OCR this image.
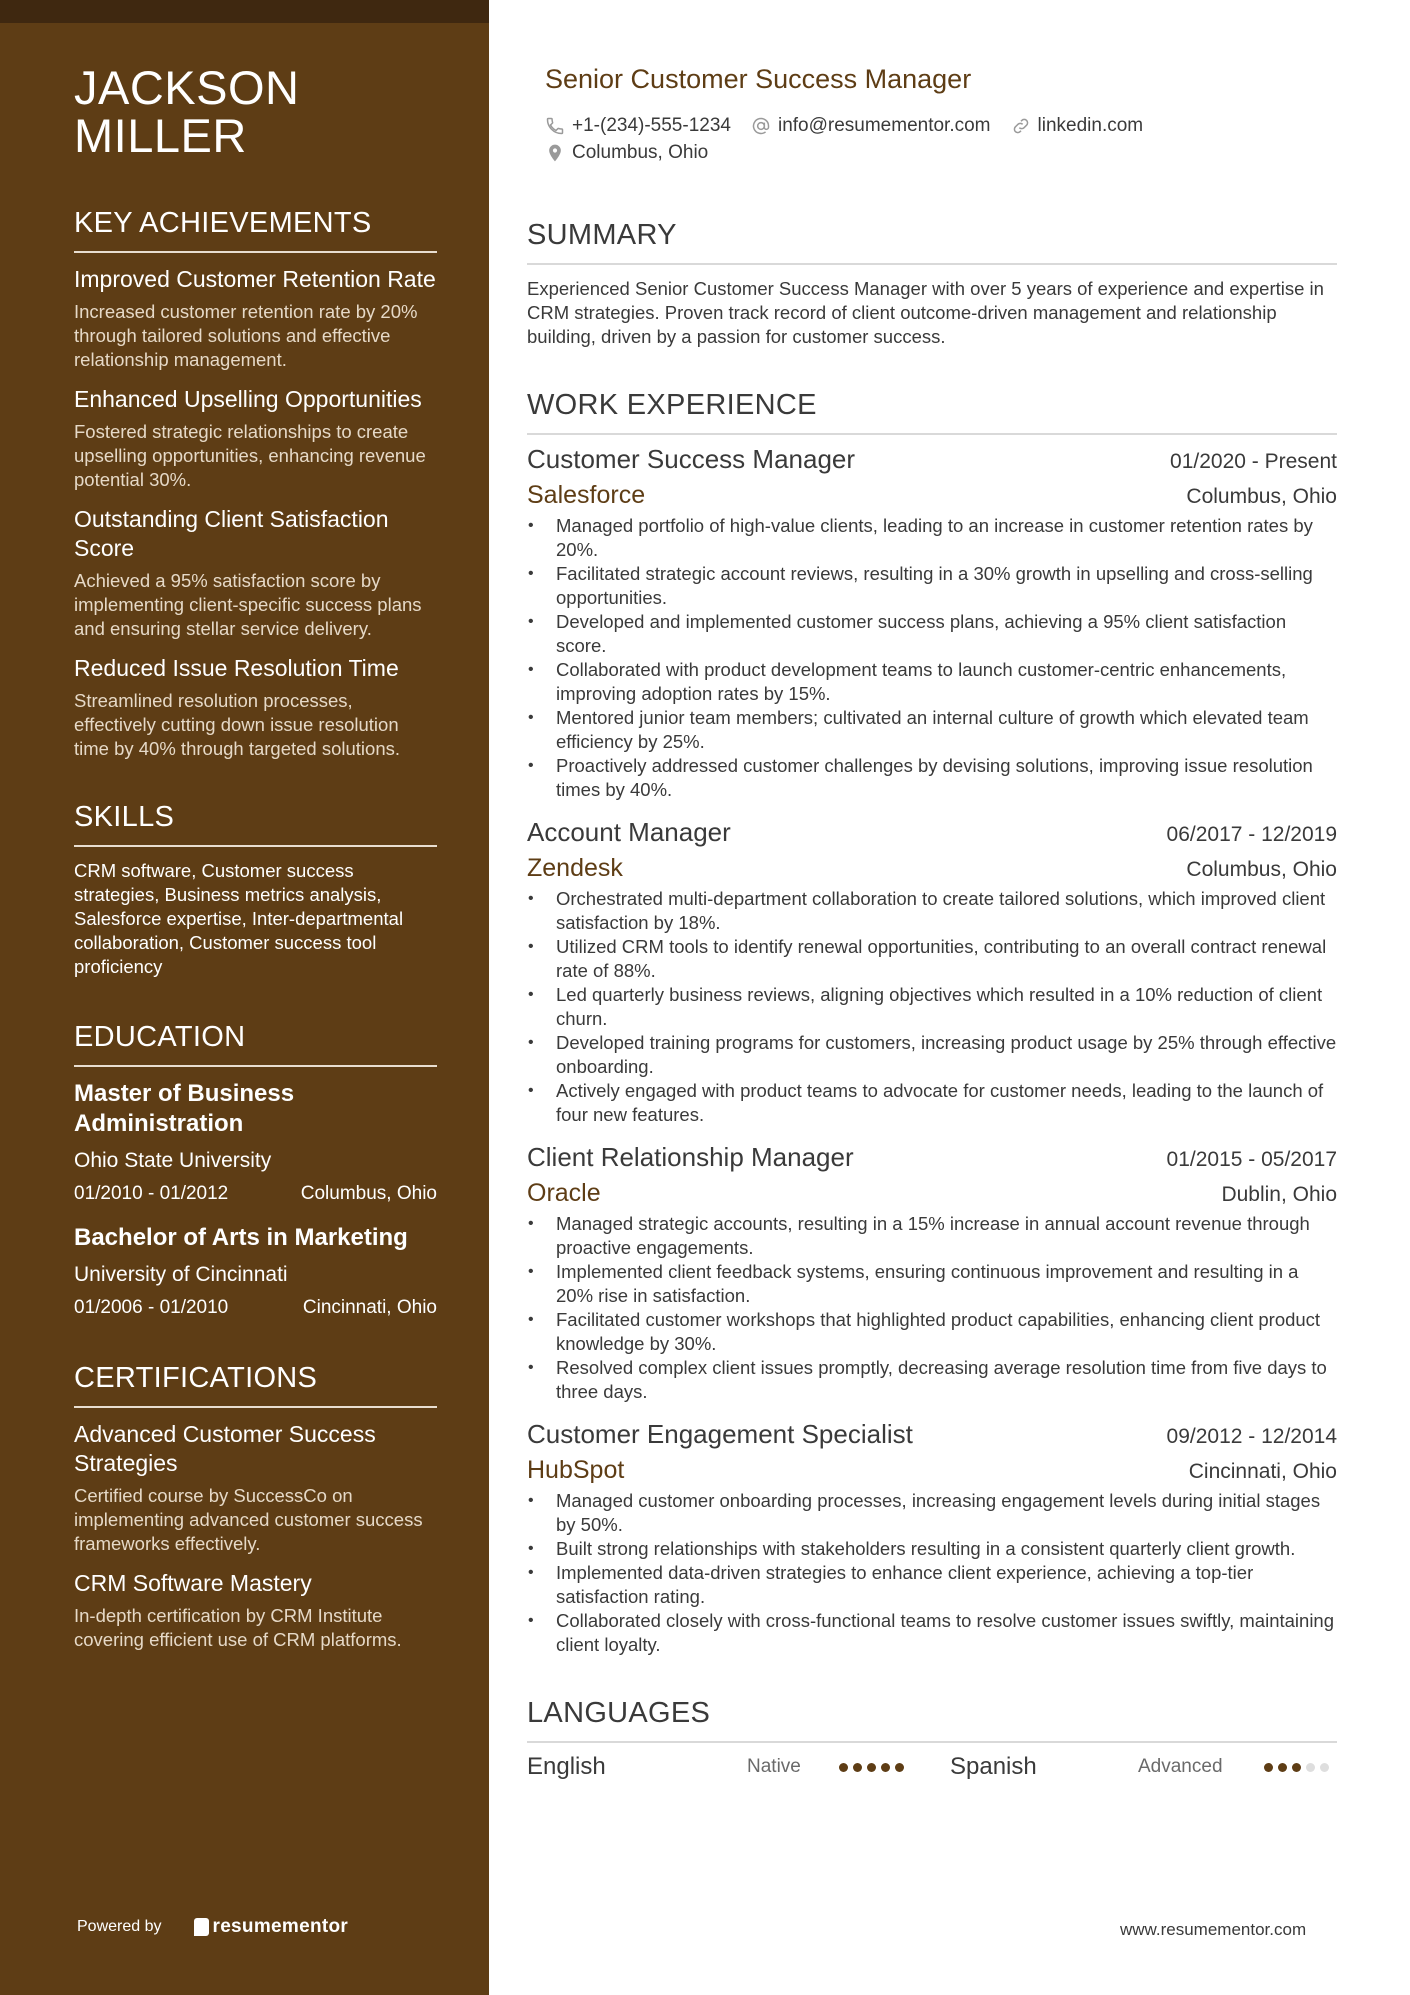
JACKSON
MILLER
KEY ACHIEVEMENTS
Improved Customer Retention Rate
Increased customer retention rate by 20% through tailored solutions and effective relationship management.
Enhanced Upselling Opportunities
Fostered strategic relationships to create upselling opportunities, enhancing revenue potential 30%.
Outstanding Client Satisfaction Score
Achieved a 95% satisfaction score by implementing client-specific success plans and ensuring stellar service delivery.
Reduced Issue Resolution Time
Streamlined resolution processes, effectively cutting down issue resolution time by 40% through targeted solutions.
SKILLS
CRM software, Customer success strategies, Business metrics analysis, Salesforce expertise, Inter-departmental collaboration, Customer success tool proficiency
EDUCATION
Master of Business Administration
Ohio State University
01/2010 - 01/2012	Columbus, Ohio
Bachelor of Arts in Marketing
University of Cincinnati
01/2006 - 01/2010	Cincinnati, Ohio
CERTIFICATIONS
Advanced Customer Success Strategies
Certified course by SuccessCo on implementing advanced customer success frameworks effectively.
CRM Software Mastery
In-depth certification by CRM Institute covering efficient use of CRM platforms.
Powered by	resumementor
Senior Customer Success Manager
+1-(234)-555-1234 info@resumementor.com linkedin.com
Columbus, Ohio
SUMMARY
Experienced Senior Customer Success Manager with over 5 years of experience and expertise in CRM strategies. Proven track record of client outcome-driven management and relationship building, driven by a passion for customer success.
WORK EXPERIENCE
Customer Success Manager	01/2020 - Present
Salesforce	Columbus, Ohio
• Managed portfolio of high-value clients, leading to an increase in customer retention rates by 20%.
• Facilitated strategic account reviews, resulting in a 30% growth in upselling and cross-selling opportunities.
• Developed and implemented customer success plans, achieving a 95% client satisfaction score.
• Collaborated with product development teams to launch customer-centric enhancements, improving adoption rates by 15%.
• Mentored junior team members; cultivated an internal culture of growth which elevated team efficiency by 25%.
• Proactively addressed customer challenges by devising solutions, improving issue resolution times by 40%.
Account Manager	06/2017 - 12/2019
Zendesk	Columbus, Ohio
• Orchestrated multi-department collaboration to create tailored solutions, which improved client satisfaction by 18%.
• Utilized CRM tools to identify renewal opportunities, contributing to an overall contract renewal rate of 88%.
• Led quarterly business reviews, aligning objectives which resulted in a 10% reduction of client churn.
• Developed training programs for customers, increasing product usage by 25% through effective onboarding.
• Actively engaged with product teams to advocate for customer needs, leading to the launch of four new features.
Client Relationship Manager	01/2015 - 05/2017
Oracle	Dublin, Ohio
• Managed strategic accounts, resulting in a 15% increase in annual account revenue through proactive engagements.
• Implemented client feedback systems, ensuring continuous improvement and resulting in a 20% rise in satisfaction.
• Facilitated customer workshops that highlighted product capabilities, enhancing client product knowledge by 30%.
• Resolved complex client issues promptly, decreasing average resolution time from five days to three days.
Customer Engagement Specialist	09/2012 - 12/2014
HubSpot	Cincinnati, Ohio
• Managed customer onboarding processes, increasing engagement levels during initial stages by 50%.
• Built strong relationships with stakeholders resulting in a consistent quarterly client growth.
• Implemented data-driven strategies to enhance client experience, achieving a top-tier satisfaction rating.
• Collaborated closely with cross-functional teams to resolve customer issues swiftly, maintaining client loyalty.
LANGUAGES
English	Native	Spanish	Advanced
www.resumementor.com
